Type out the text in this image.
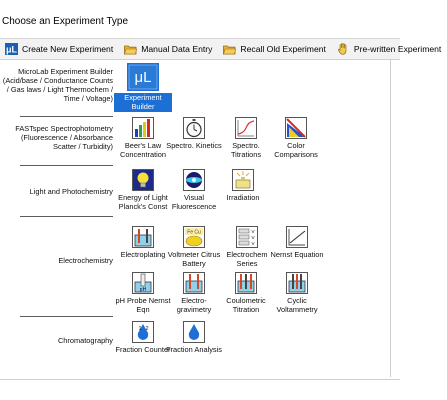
Choose an Experiment Type
μL Create New Experiment	Manual Data Entry	Recall Old Experiment	Pre-written Experiment
MicroLab Experiment Builder (Acid/base / Conductance Counts / Gas laws / Light Thermochem / Time / Voltage)
FASTspec Spectrophotometry (Fluorescence / Absorbance Scatter / Turbidity)
Light and Photochemistry
Electrochemistry
Chromatography
μL
Experiment Builder
Beer's Law Concentration
Spectro. Kinetics	Spectro. Titrations
Color Comparisons
Energy of Light Planck's Const
Visual Fluorescence
Irradiation
Electroplating
Fe Cu
Voltmeter Citrus Battery
V
V
V
Electrochem Series
Nernst Equation
pH
pH Probe Nernst Eqn
Electro-gravimetry
Coulometric Titration
Cyclic Voltammetry
1 2
Fraction Counter
Fraction Analysis
